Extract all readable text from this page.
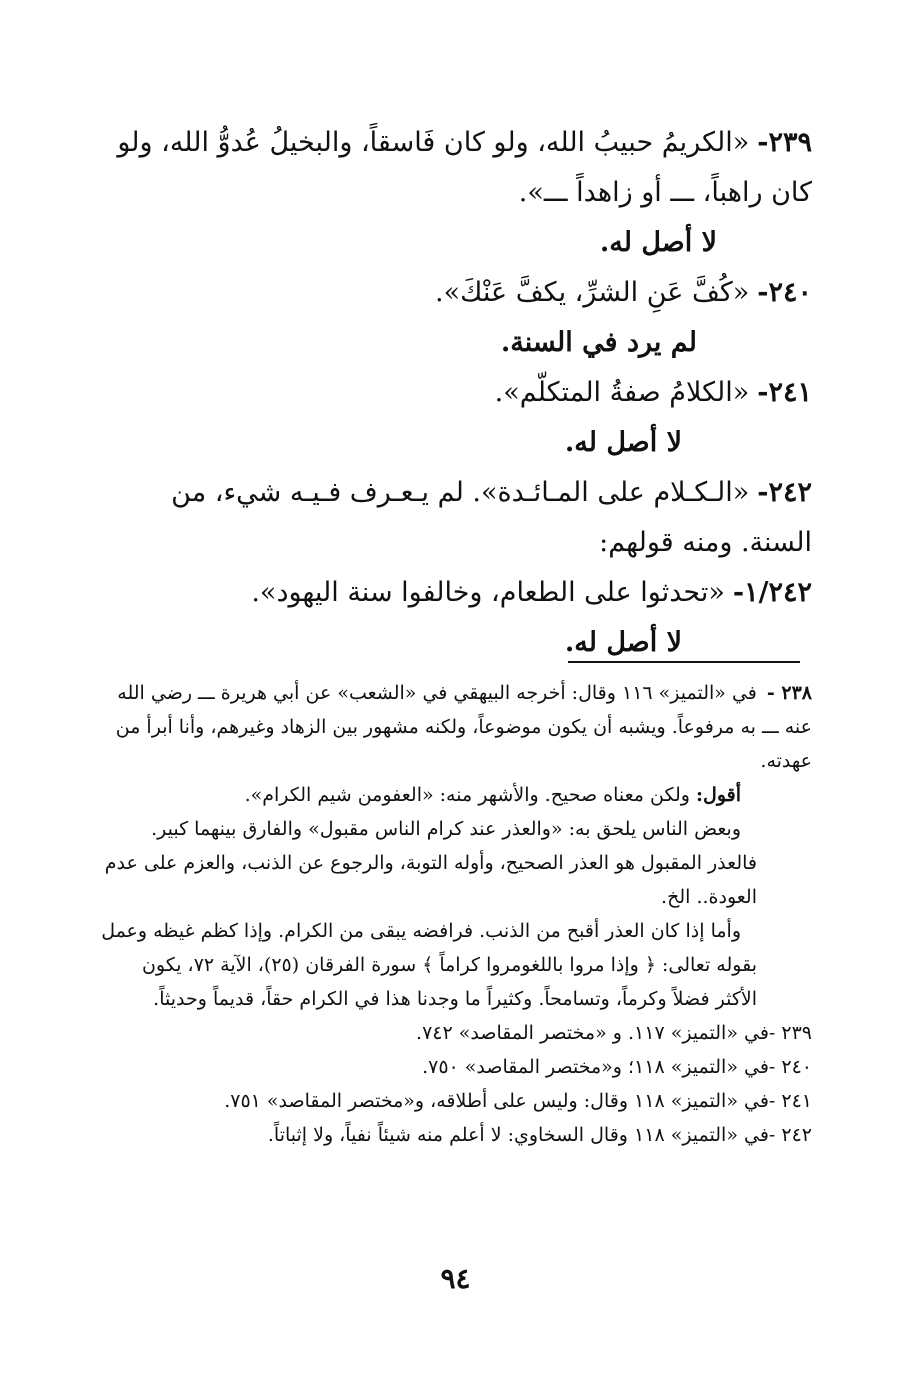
٢٣٩-«الكريمُ حبيبُ الله، ولو كان فَاسقاً، والبخيلُ عُدوُّ الله، ولو كان راهباً، ـــ أو زاهداً ـــ».

لا أصل له.

٢٤٠-«كُفَّ عَنِ الشرِّ، يكفَّ عَنْكَ».

لم يرد في السنة.

٢٤١-«الكلامُ صفةُ المتكلّم».

لا أصل له.

٢٤٢-«الـكـلام على المـائـدة». لم يـعـرف فـيـه شيء، من السنة. ومنه قولهم:

١/٢٤٢-«تحدثوا على الطعام، وخالفوا سنة اليهود».

لا أصل له.

٢٣٨ -في «التميز» ١١٦ وقال: أخرجه البيهقي في «الشعب» عن أبي هريرة ـــ رضي الله عنه ـــ به مرفوعاً. ويشبه أن يكون موضوعاً، ولكنه مشهور بين الزهاد وغيرهم، وأنا أبرأ من عهدته.

أقول: ولكن معناه صحيح. والأشهر منه: «العفومن شيم الكرام».

وبعض الناس يلحق به: «والعذر عند كرام الناس مقبول» والفارق بينهما كبير. فالعذر المقبول هو العذر الصحيح، وأوله التوبة، والرجوع عن الذنب، والعزم على عدم العودة.. الخ.

وأما إذا كان العذر أقبح من الذنب. فرافضه يبقى من الكرام. وإذا كظم غيظه وعمل بقوله تعالى: ﴿ وإذا مروا باللغومروا كراماً ﴾ سورة الفرقان (٢٥)، الآية ٧٢، يكون الأكثر فضلاً وكرماً، وتسامحاً. وكثيراً ما وجدنا هذا في الكرام حقاً، قديماً وحديثاً.

٢٣٩ -في «التميز» ١١٧. و «مختصر المقاصد» ٧٤٢.

٢٤٠ -في «التميز» ١١٨؛ و«مختصر المقاصد» ٧٥٠.

٢٤١ -في «التميز» ١١٨ وقال: وليس على أطلاقه، و«مختصر المقاصد» ٧٥١.

٢٤٢ -في «التميز» ١١٨ وقال السخاوي: لا أعلم منه شيئاً نفياً، ولا إثباتاً.

٩٤
